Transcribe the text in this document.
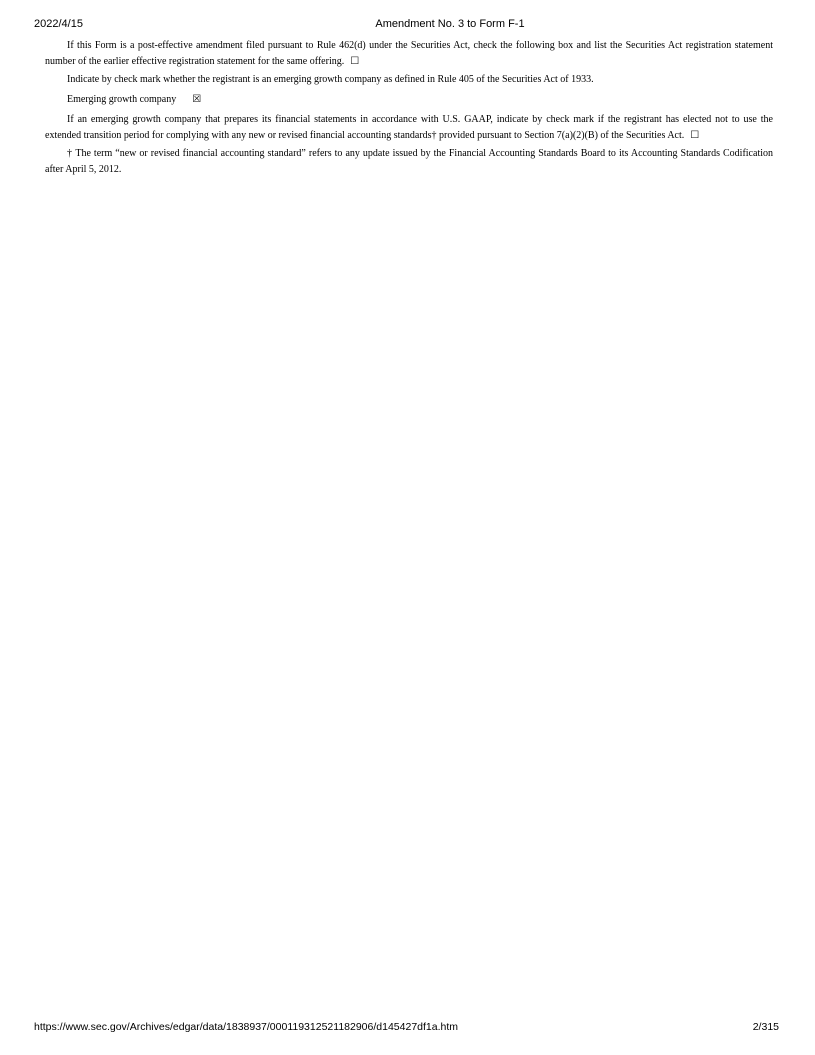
2022/4/15	Amendment No. 3 to Form F-1

If this Form is a post-effective amendment filed pursuant to Rule 462(d) under the Securities Act, check the following box and list the Securities Act registration statement number of the earlier effective registration statement for the same offering. ☐

Indicate by check mark whether the registrant is an emerging growth company as defined in Rule 405 of the Securities Act of 1933.

Emerging growth company ☒

If an emerging growth company that prepares its financial statements in accordance with U.S. GAAP, indicate by check mark if the registrant has elected not to use the extended transition period for complying with any new or revised financial accounting standards† provided pursuant to Section 7(a)(2)(B) of the Securities Act. ☐

† The term “new or revised financial accounting standard” refers to any update issued by the Financial Accounting Standards Board to its Accounting Standards Codification after April 5, 2012.

https://www.sec.gov/Archives/edgar/data/1838937/000119312521182906/d145427df1a.htm	2/315
